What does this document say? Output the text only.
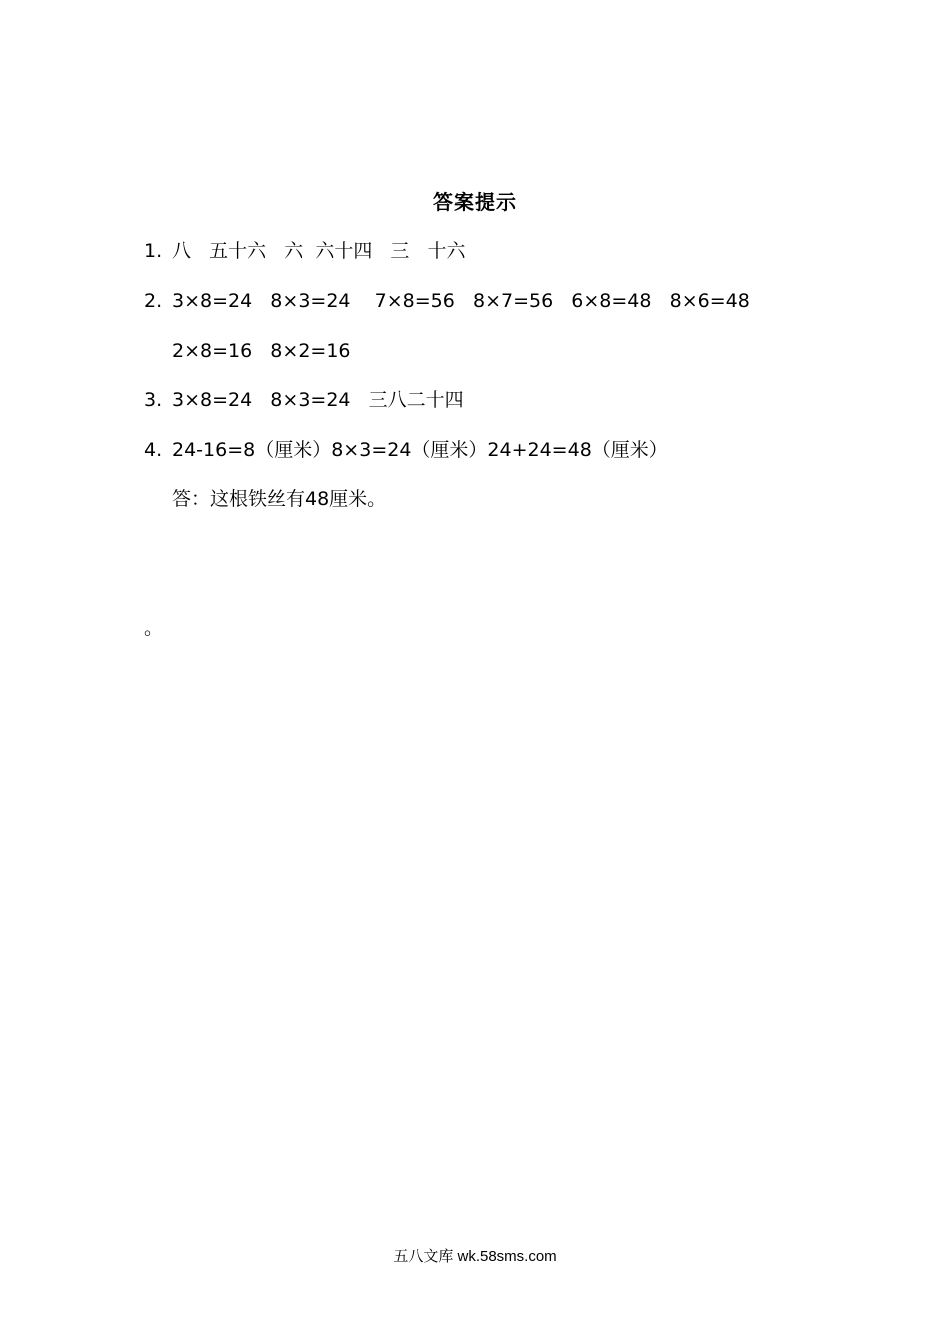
答案提示
1. 八   五十六   六  六十四   三   十六
2. 3×8=24   8×3=24    7×8=56   8×7=56   6×8=48   8×6=48
2×8=16   8×2=16
3. 3×8=24   8×3=24   三八二十四
4. 24-16=8（厘米）8×3=24（厘米）24+24=48（厘米）
答：这根铁丝有48厘米。
。
五八文库 wk.58sms.com
